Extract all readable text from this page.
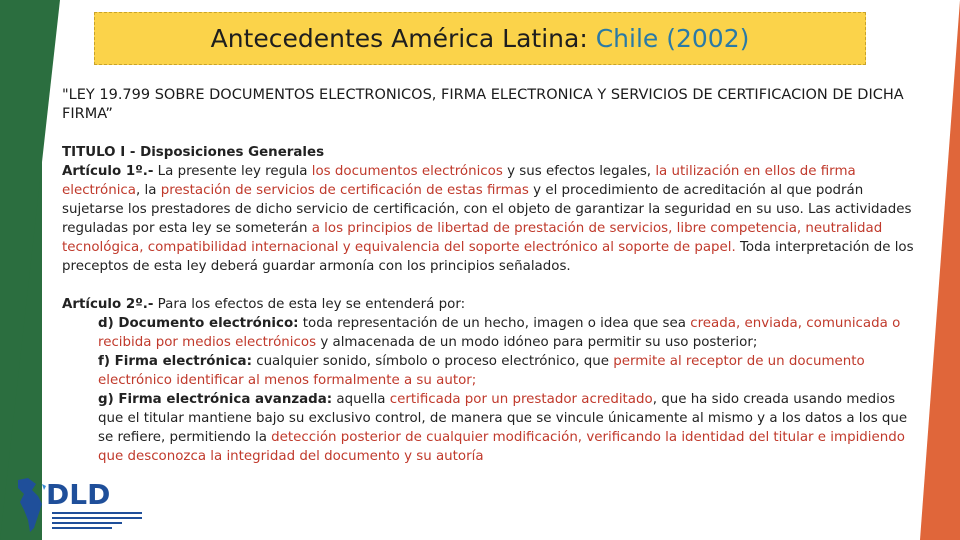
Antecedentes América Latina: Chile (2002)

"LEY 19.799 SOBRE DOCUMENTOS ELECTRONICOS, FIRMA ELECTRONICA Y SERVICIOS DE CERTIFICACION DE DICHA FIRMA”

TITULO I - Disposiciones Generales

Artículo 1º.- La presente ley regula los documentos electrónicos y sus efectos legales, la utilización en ellos de firma electrónica, la prestación de servicios de certificación de estas firmas y el procedimiento de acreditación al que podrán sujetarse los prestadores de dicho servicio de certificación, con el objeto de garantizar la seguridad en su uso. Las actividades reguladas por esta ley se someterán a los principios de libertad de prestación de servicios, libre competencia, neutralidad tecnológica, compatibilidad internacional y equivalencia del soporte electrónico al soporte de papel. Toda interpretación de los preceptos de esta ley deberá guardar armonía con los principios señalados.

Artículo 2º.- Para los efectos de esta ley se entenderá por:

d) Documento electrónico: toda representación de un hecho, imagen o idea que sea creada, enviada, comunicada o recibida por medios electrónicos y almacenada de un modo idóneo para permitir su uso posterior;

f) Firma electrónica: cualquier sonido, símbolo o proceso electrónico, que permite al receptor de un documento electrónico identificar al menos formalmente a su autor;

g) Firma electrónica avanzada: aquella certificada por un prestador acreditado, que ha sido creada usando medios que el titular mantiene bajo su exclusivo control, de manera que se vincule únicamente al mismo y a los datos a los que se refiere, permitiendo la detección posterior de cualquier modificación, verificando la identidad del titular e impidiendo que desconozca la integridad del documento y su autoría

DLD
